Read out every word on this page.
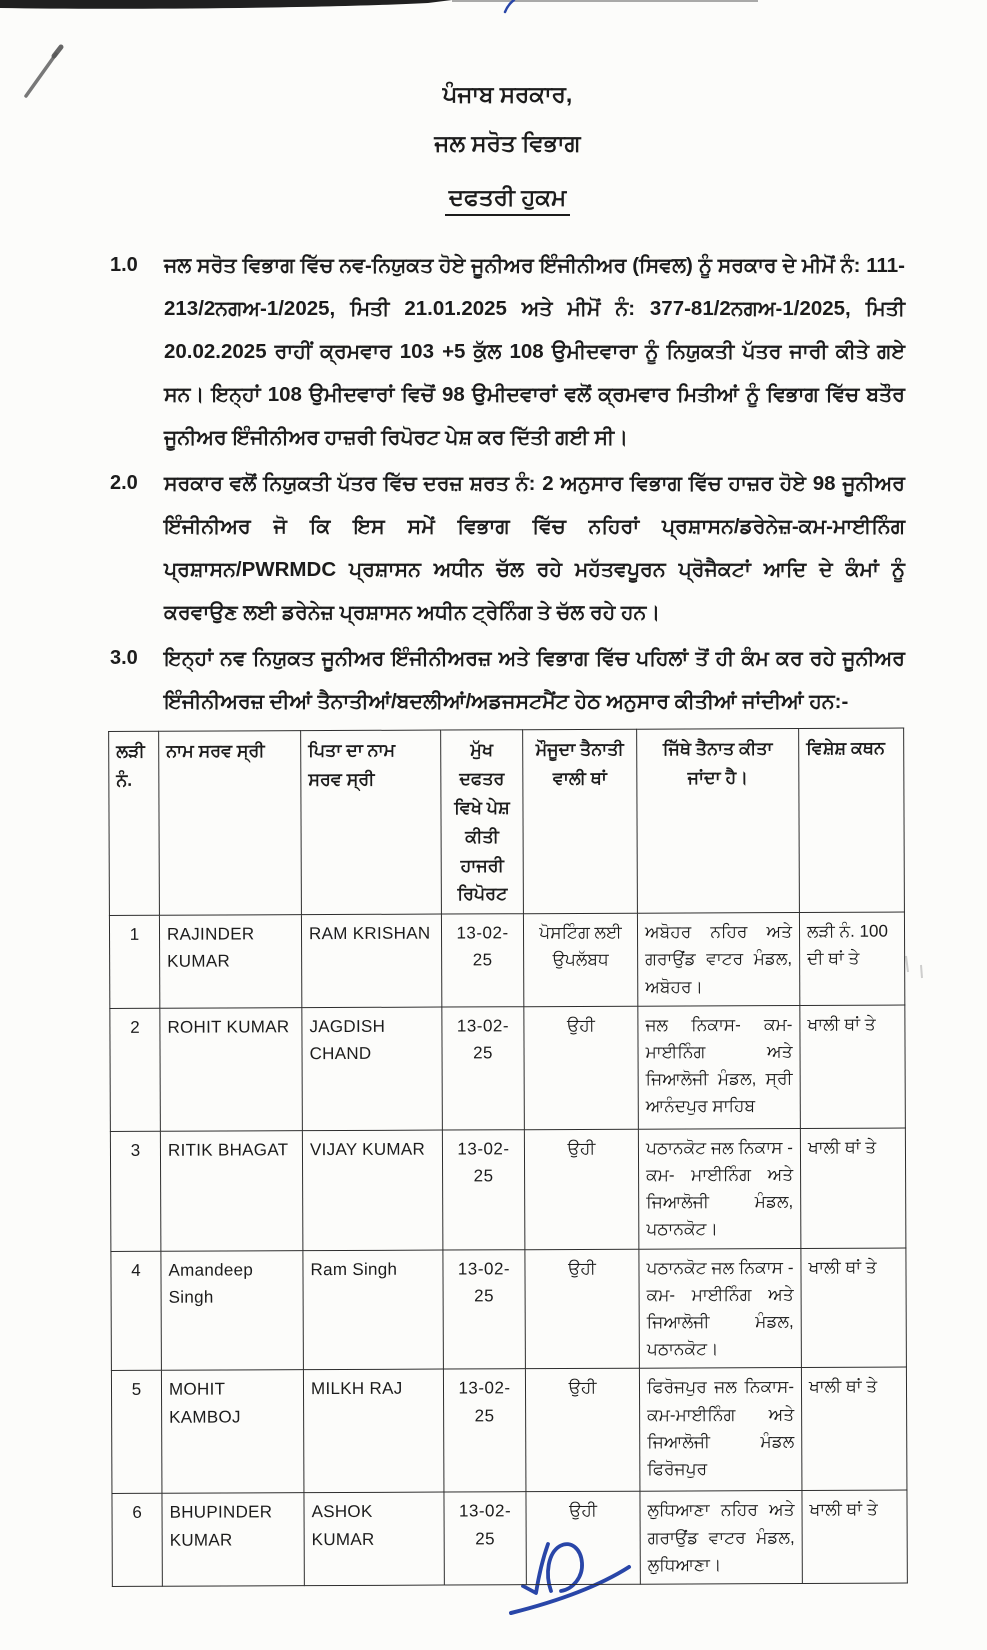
ਪੰਜਾਬ ਸਰਕਾਰ,
ਜਲ ਸਰੋਤ ਵਿਭਾਗ
ਦਫਤਰੀ ਹੁਕਮ
1.0	ਜਲ ਸਰੋਤ ਵਿਭਾਗ ਵਿੱਚ ਨਵ-ਨਿਯੁਕਤ ਹੋਏ ਜੂਨੀਅਰ ਇੰਜੀਨੀਅਰ (ਸਿਵਲ) ਨੂੰ ਸਰਕਾਰ ਦੇ ਮੀਮੋਂ ਨੰ: 111-213/2ਨਗਅ-1/2025, ਮਿਤੀ 21.01.2025 ਅਤੇ ਮੀਮੋਂ ਨੰ: 377-81/2ਨਗਅ-1/2025, ਮਿਤੀ 20.02.2025 ਰਾਹੀਂ ਕ੍ਰਮਵਾਰ 103 +5 ਕੁੱਲ 108 ਉਮੀਦਵਾਰਾ ਨੂੰ ਨਿਯੁਕਤੀ ਪੱਤਰ ਜਾਰੀ ਕੀਤੇ ਗਏ ਸਨ। ਇਨ੍ਹਾਂ 108 ਉਮੀਦਵਾਰਾਂ ਵਿਚੋਂ 98 ਉਮੀਦਵਾਰਾਂ ਵਲੋਂ ਕ੍ਰਮਵਾਰ ਮਿਤੀਆਂ ਨੂੰ ਵਿਭਾਗ ਵਿੱਚ ਬਤੌਰ ਜੂਨੀਅਰ ਇੰਜੀਨੀਅਰ ਹਾਜ਼ਰੀ ਰਿਪੋਰਟ ਪੇਸ਼ ਕਰ ਦਿੱਤੀ ਗਈ ਸੀ।

2.0	ਸਰਕਾਰ ਵਲੋਂ ਨਿਯੁਕਤੀ ਪੱਤਰ ਵਿੱਚ ਦਰਜ਼ ਸ਼ਰਤ ਨੰ: 2 ਅਨੁਸਾਰ ਵਿਭਾਗ ਵਿੱਚ ਹਾਜ਼ਰ ਹੋਏ 98 ਜੂਨੀਅਰ ਇੰਜੀਨੀਅਰ ਜੋ ਕਿ ਇਸ ਸਮੇਂ ਵਿਭਾਗ ਵਿੱਚ ਨਹਿਰਾਂ ਪ੍ਰਸ਼ਾਸਨ/ਡਰੇਨੇਜ਼-ਕਮ-ਮਾਈਨਿੰਗ ਪ੍ਰਸ਼ਾਸਨ/PWRMDC ਪ੍ਰਸ਼ਾਸਨ ਅਧੀਨ ਚੱਲ ਰਹੇ ਮਹੱਤਵਪੂਰਨ ਪ੍ਰੋਜੈਕਟਾਂ ਆਦਿ ਦੇ ਕੰਮਾਂ ਨੂੰ ਕਰਵਾਉਣ ਲਈ ਡਰੇਨੇਜ਼ ਪ੍ਰਸ਼ਾਸਨ ਅਧੀਨ ਟ੍ਰੇਨਿੰਗ ਤੇ ਚੱਲ ਰਹੇ ਹਨ।

3.0	ਇਨ੍ਹਾਂ ਨਵ ਨਿਯੁਕਤ ਜੂਨੀਅਰ ਇੰਜੀਨੀਅਰਜ਼ ਅਤੇ ਵਿਭਾਗ ਵਿੱਚ ਪਹਿਲਾਂ ਤੋਂ ਹੀ ਕੰਮ ਕਰ ਰਹੇ ਜੂਨੀਅਰ ਇੰਜੀਨੀਅਰਜ਼ ਦੀਆਂ ਤੈਨਾਤੀਆਂ/ਬਦਲੀਆਂ/ਅਡਜਸਟਮੈਂਟ ਹੇਠ ਅਨੁਸਾਰ ਕੀਤੀਆਂ ਜਾਂਦੀਆਂ ਹਨ:-

ਲੜੀ ਨੰ.	ਨਾਮ ਸਰਵ ਸ੍ਰੀ	ਪਿਤਾ ਦਾ ਨਾਮ ਸਰਵ ਸ੍ਰੀ	ਮੁੱਖ ਦਫਤਰ ਵਿਖੇ ਪੇਸ਼ ਕੀਤੀ ਹਾਜਰੀ ਰਿਪੋਰਟ	ਮੌਜੂਦਾ ਤੈਨਾਤੀ ਵਾਲੀ ਥਾਂ	ਜਿੱਥੇ ਤੈਨਾਤ ਕੀਤਾ ਜਾਂਦਾ ਹੈ।	ਵਿਸ਼ੇਸ਼ ਕਥਨ
1	RAJINDER KUMAR	RAM KRISHAN	13-02-25	ਪੋਸਟਿੰਗ ਲਈ ਉਪਲੱਬਧ	ਅਬੋਹਰ ਨਹਿਰ ਅਤੇ ਗਰਾਉਂਡ ਵਾਟਰ ਮੰਡਲ, ਅਬੋਹਰ।	ਲੜੀ ਨੰ. 100 ਦੀ ਥਾਂ ਤੇ
2	ROHIT KUMAR	JAGDISH CHAND	13-02-25	ਉਹੀ	ਜਲ ਨਿਕਾਸ- ਕਮ- ਮਾਈਨਿੰਗ ਅਤੇ ਜਿਆਲੋਜੀ ਮੰਡਲ, ਸ੍ਰੀ ਆਨੰਦਪੁਰ ਸਾਹਿਬ	ਖਾਲੀ ਥਾਂ ਤੇ
3	RITIK BHAGAT	VIJAY KUMAR	13-02-25	ਉਹੀ	ਪਠਾਨਕੋਟ ਜਲ ਨਿਕਾਸ - ਕਮ- ਮਾਈਨਿੰਗ ਅਤੇ ਜਿਆਲੋਜੀ ਮੰਡਲ, ਪਠਾਨਕੋਟ।	ਖਾਲੀ ਥਾਂ ਤੇ
4	Amandeep Singh	Ram Singh	13-02-25	ਉਹੀ	ਪਠਾਨਕੋਟ ਜਲ ਨਿਕਾਸ - ਕਮ- ਮਾਈਨਿੰਗ ਅਤੇ ਜਿਆਲੋਜੀ ਮੰਡਲ, ਪਠਾਨਕੋਟ।	ਖਾਲੀ ਥਾਂ ਤੇ
5	MOHIT KAMBOJ	MILKH RAJ	13-02-25	ਉਹੀ	ਫਿਰੋਜਪੁਰ ਜਲ ਨਿਕਾਸ- ਕਮ-ਮਾਈਨਿੰਗ ਅਤੇ ਜਿਆਲੋਜੀ ਮੰਡਲ ਫਿਰੋਜਪੁਰ	ਖਾਲੀ ਥਾਂ ਤੇ
6	BHUPINDER KUMAR	ASHOK KUMAR	13-02-25	ਉਹੀ	ਲੁਧਿਆਣਾ ਨਹਿਰ ਅਤੇ ਗਰਾਉਂਡ ਵਾਟਰ ਮੰਡਲ, ਲੁਧਿਆਣਾ।	ਖਾਲੀ ਥਾਂ ਤੇ
